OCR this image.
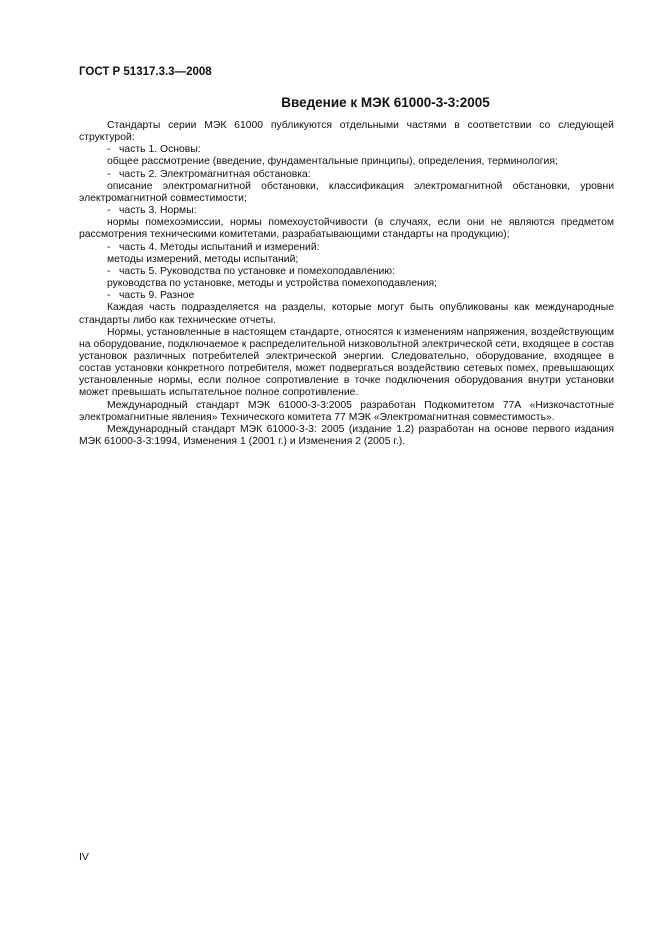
ГОСТ Р 51317.3.3—2008
Введение к МЭК 61000-3-3:2005

Стандарты серии МЭК 61000 публикуются отдельными частями в соответствии со следующей структурой:

- часть 1. Основы:

общее рассмотрение (введение, фундаментальные принципы), определения, терминология;

- часть 2. Электромагнитная обстановка:

описание электромагнитной обстановки, классификация электромагнитной обстановки, уровни электромагнитной совместимости;

- часть 3. Нормы:

нормы помехоэмиссии, нормы помехоустойчивости (в случаях, если они не являются предметом рассмотрения техническими комитетами, разрабатывающими стандарты на продукцию);

- часть 4. Методы испытаний и измерений:

методы измерений, методы испытаний;

- часть 5. Руководства по установке и помехоподавлению:

руководства по установке, методы и устройства помехоподавления;

- часть 9. Разное

Каждая часть подразделяется на разделы, которые могут быть опубликованы как международные стандарты либо как технические отчеты.

Нормы, установленные в настоящем стандарте, относятся к изменениям напряжения, воздействующим на оборудование, подключаемое к распределительной низковольтной электрической сети, входящее в состав установок различных потребителей электрической энергии. Следовательно, оборудование, входящее в состав установки конкретного потребителя, может подвергаться воздействию сетевых помех, превышающих установленные нормы, если полное сопротивление в точке подключения оборудования внутри установки может превышать испытательное полное сопротивление.

Международный стандарт МЭК 61000-3-3:2005 разработан Подкомитетом 77А «Низкочастотные электромагнитные явления» Технического комитета 77 МЭК «Электромагнитная совместимость».

Международный стандарт МЭК 61000-3-3: 2005 (издание 1.2) разработан на основе первого издания МЭК 61000-3-3:1994, Изменения 1 (2001 г.) и Изменения 2 (2005 г.).

IV
